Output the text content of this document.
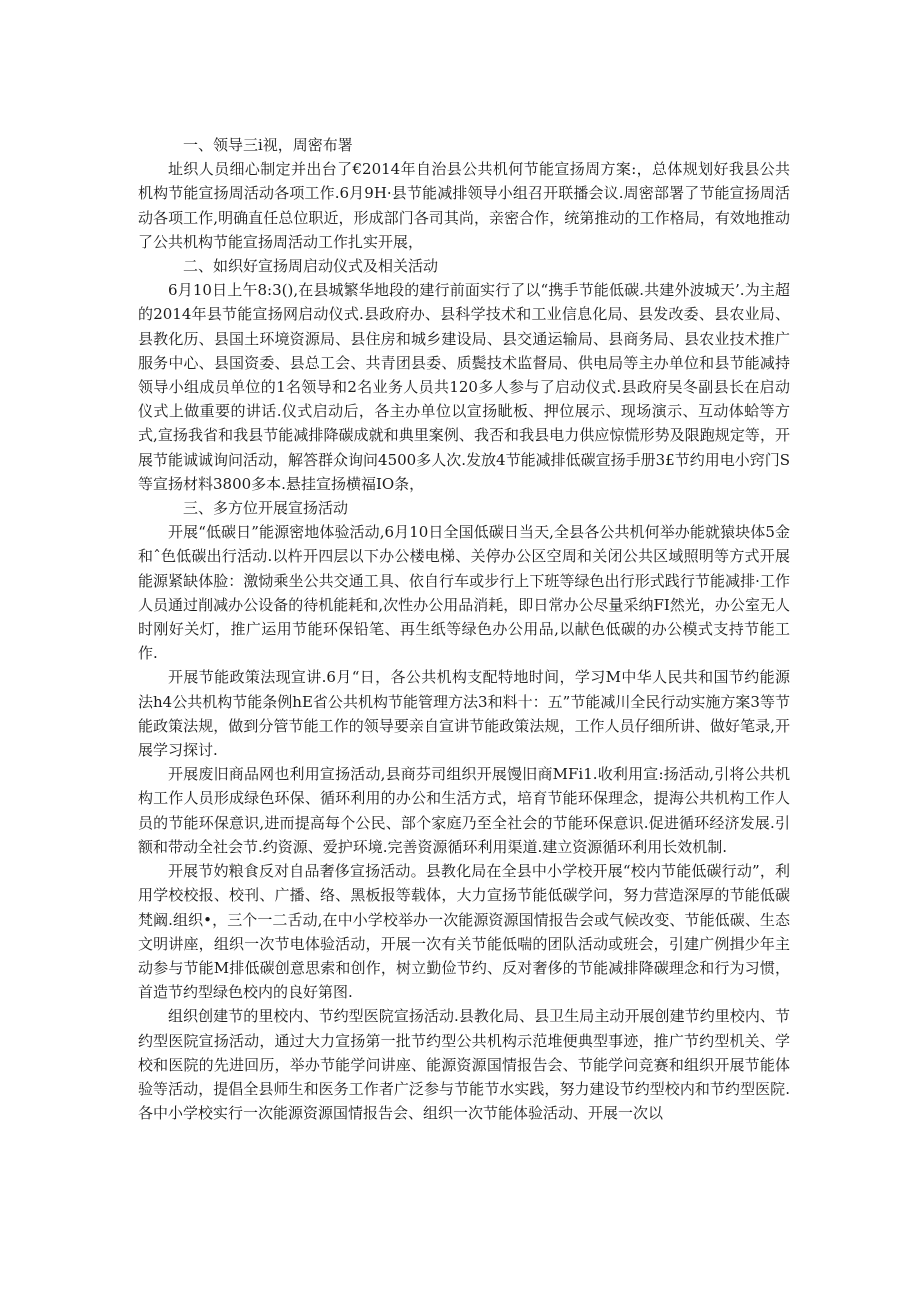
一、领导三i视，周密布署

址织人员细心制定并出台了€2014年自治县公共机何节能宣扬周方案:，总体规划好我县公共机构节能宣扬周活动各项工作.6月9H·县节能减排领导小组召开联播会议.周密部署了节能宣扬周活动各项工作,明确直任总位职近，形成部门各司其尚，亲密合作，统第推动的工作格局，有效地推动了公共机构节能宣扬周活动工作扎实开展，

二、如织好宣扬周启动仪式及相关活动

6月10日上午8:3(),在县城繁华地段的建行前面实行了以“携手节能低碳.共建外波城天’.为主超的2014年县节能宣扬网启动仪式.县政府办、县科学技术和工业信息化局、县发改委、县农业局、县教化历、县国土环境资源局、县住房和城乡建设局、县交通运输局、县商务局、县农业技术推广服务中心、县国资委、县总工会、共青团县委、质鬓技术监督局、供电局等主办单位和县节能减持领导小组成员单位的1名领导和2名业务人员共120多人参与了启动仪式.县政府吴冬副县长在启动仪式上做重要的讲话.仪式启动后，各主办单位以宣扬眦板、押位展示、现场演示、互动体蛤等方式,宣扬我省和我县节能减排降碳成就和典里案例、我否和我县电力供应惊慌形势及限跑规定等，开展节能诚诚询问活动，解答群众询问4500多人次.发放4节能减排低碳宣扬手册3£节约用电小窍门S等宣扬材料3800多本.悬挂宣扬横福IO条，

三、多方位开展宣扬活动

开展“低碳日”能源密地体验活动,6月10日全国低碳日当天,全县各公共机何举办能就猿块体5金和ˆ色低碳出行活动.以杵开四层以下办公楼电梯、关停办公区空周和关闭公共区域照明等方式开展能源紧缺体脸：激恸乘坐公共交通工具、依自行车或步行上下班等绿色出行形式践行节能减排·工作人员通过削减办公设备的待机能耗和,次性办公用品消耗，即日常办公尽量采纳FI然光，办公室无人时刚好关灯，推广运用节能环保铅笔、再生纸等绿色办公用品,以献色低碳的办公模式支持节能工作.

开展节能政策法现宣讲.6月“日，各公共机构支配特地时间，学习M中华人民共和国节约能源法h4公共机构节能条例hE省公共机构节能管理方法3和料十：五”节能减川全民行动实施方案3等节能政策法规，做到分管节能工作的领导要亲自宣讲节能政策法规，工作人员仔细所讲、做好笔录,开展学习探讨.

开展废旧商品网也利用宣扬活动,县商芬司组织开展馒旧商MFi1.收利用宣:扬活动,引将公共机构工作人员形成绿色环保、循环利用的办公和生活方式，培育节能环保理念，提海公共机构工作人员的节能环保意识,进而提高每个公民、部个家庭乃至全社会的节能环保意识.促进循环经济发展.引额和带动全社会节.约资源、爱护环境.完善资源循环利用渠道.建立资源循环利用长效机制.

开展节妁粮食反对自品奢侈宣扬活动。县教化局在全县中小学校开展“校内节能低碳行动”，利用学校校报、校刊、广播、络、黑板报等载体，大力宣扬节能低碳学问，努力营造深厚的节能低碳梵阚.组织•，三个一二舌动,在中小学校举办一次能源资源国情报告会或气候改变、节能低碳、生态文明讲座，组织一次节电体验活动，开展一次有关节能低喘的团队活动或班会，引建广例揖少年主动参与节能M排低碳创意思索和创作，树立勤俭节约、反对奢侈的节能减排降碳理念和行为习惯，首造节约型绿色校内的良好第图.

组织创建节的里校内、节约型医院宣扬活动.县教化局、县卫生局主动开展创建节约里校内、节约型医院宣扬活动，通过大力宣扬第一批节约型公共机构示范堆便典型事迹，推广节约型机关、学校和医院的先进回历，举办节能学问讲座、能源资源国情报告会、节能学问竞赛和组织开展节能体验等活动，提倡全县师生和医务工作者广泛参与节能节水实践，努力建设节约型校内和节约型医院.各中小学校实行一次能源资源国情报告会、组织一次节能体验活动、开展一次以
